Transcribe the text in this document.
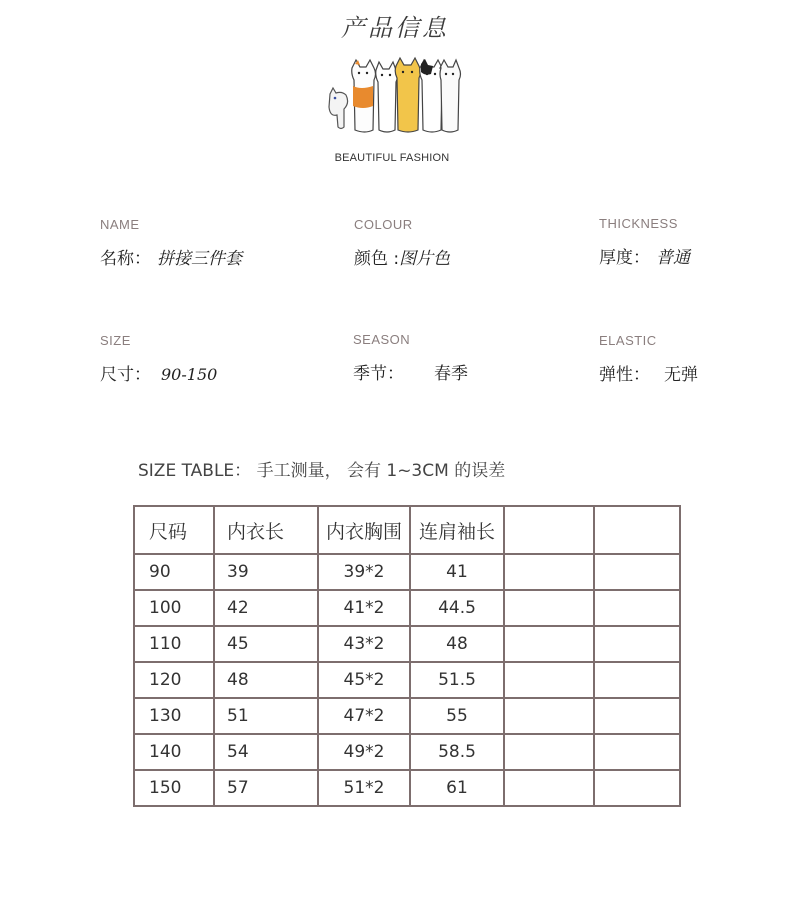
产品信息
BEAUTIFUL FASHION
NAME
名称： 拼接三件套
COLOUR
颜色 :图片色
THICKNESS
厚度： 普通
SIZE
尺寸： 90-150
SEASON
季节： 春季
ELASTIC
弹性： 无弹
SIZE TABLE： 手工测量， 会有 1~3CM 的误差
尺码	内衣长	内衣胸围	连肩袖长		
90	39	39*2	41		
100	42	41*2	44.5		
110	45	43*2	48		
120	48	45*2	51.5		
130	51	47*2	55		
140	54	49*2	58.5		
150	57	51*2	61		
